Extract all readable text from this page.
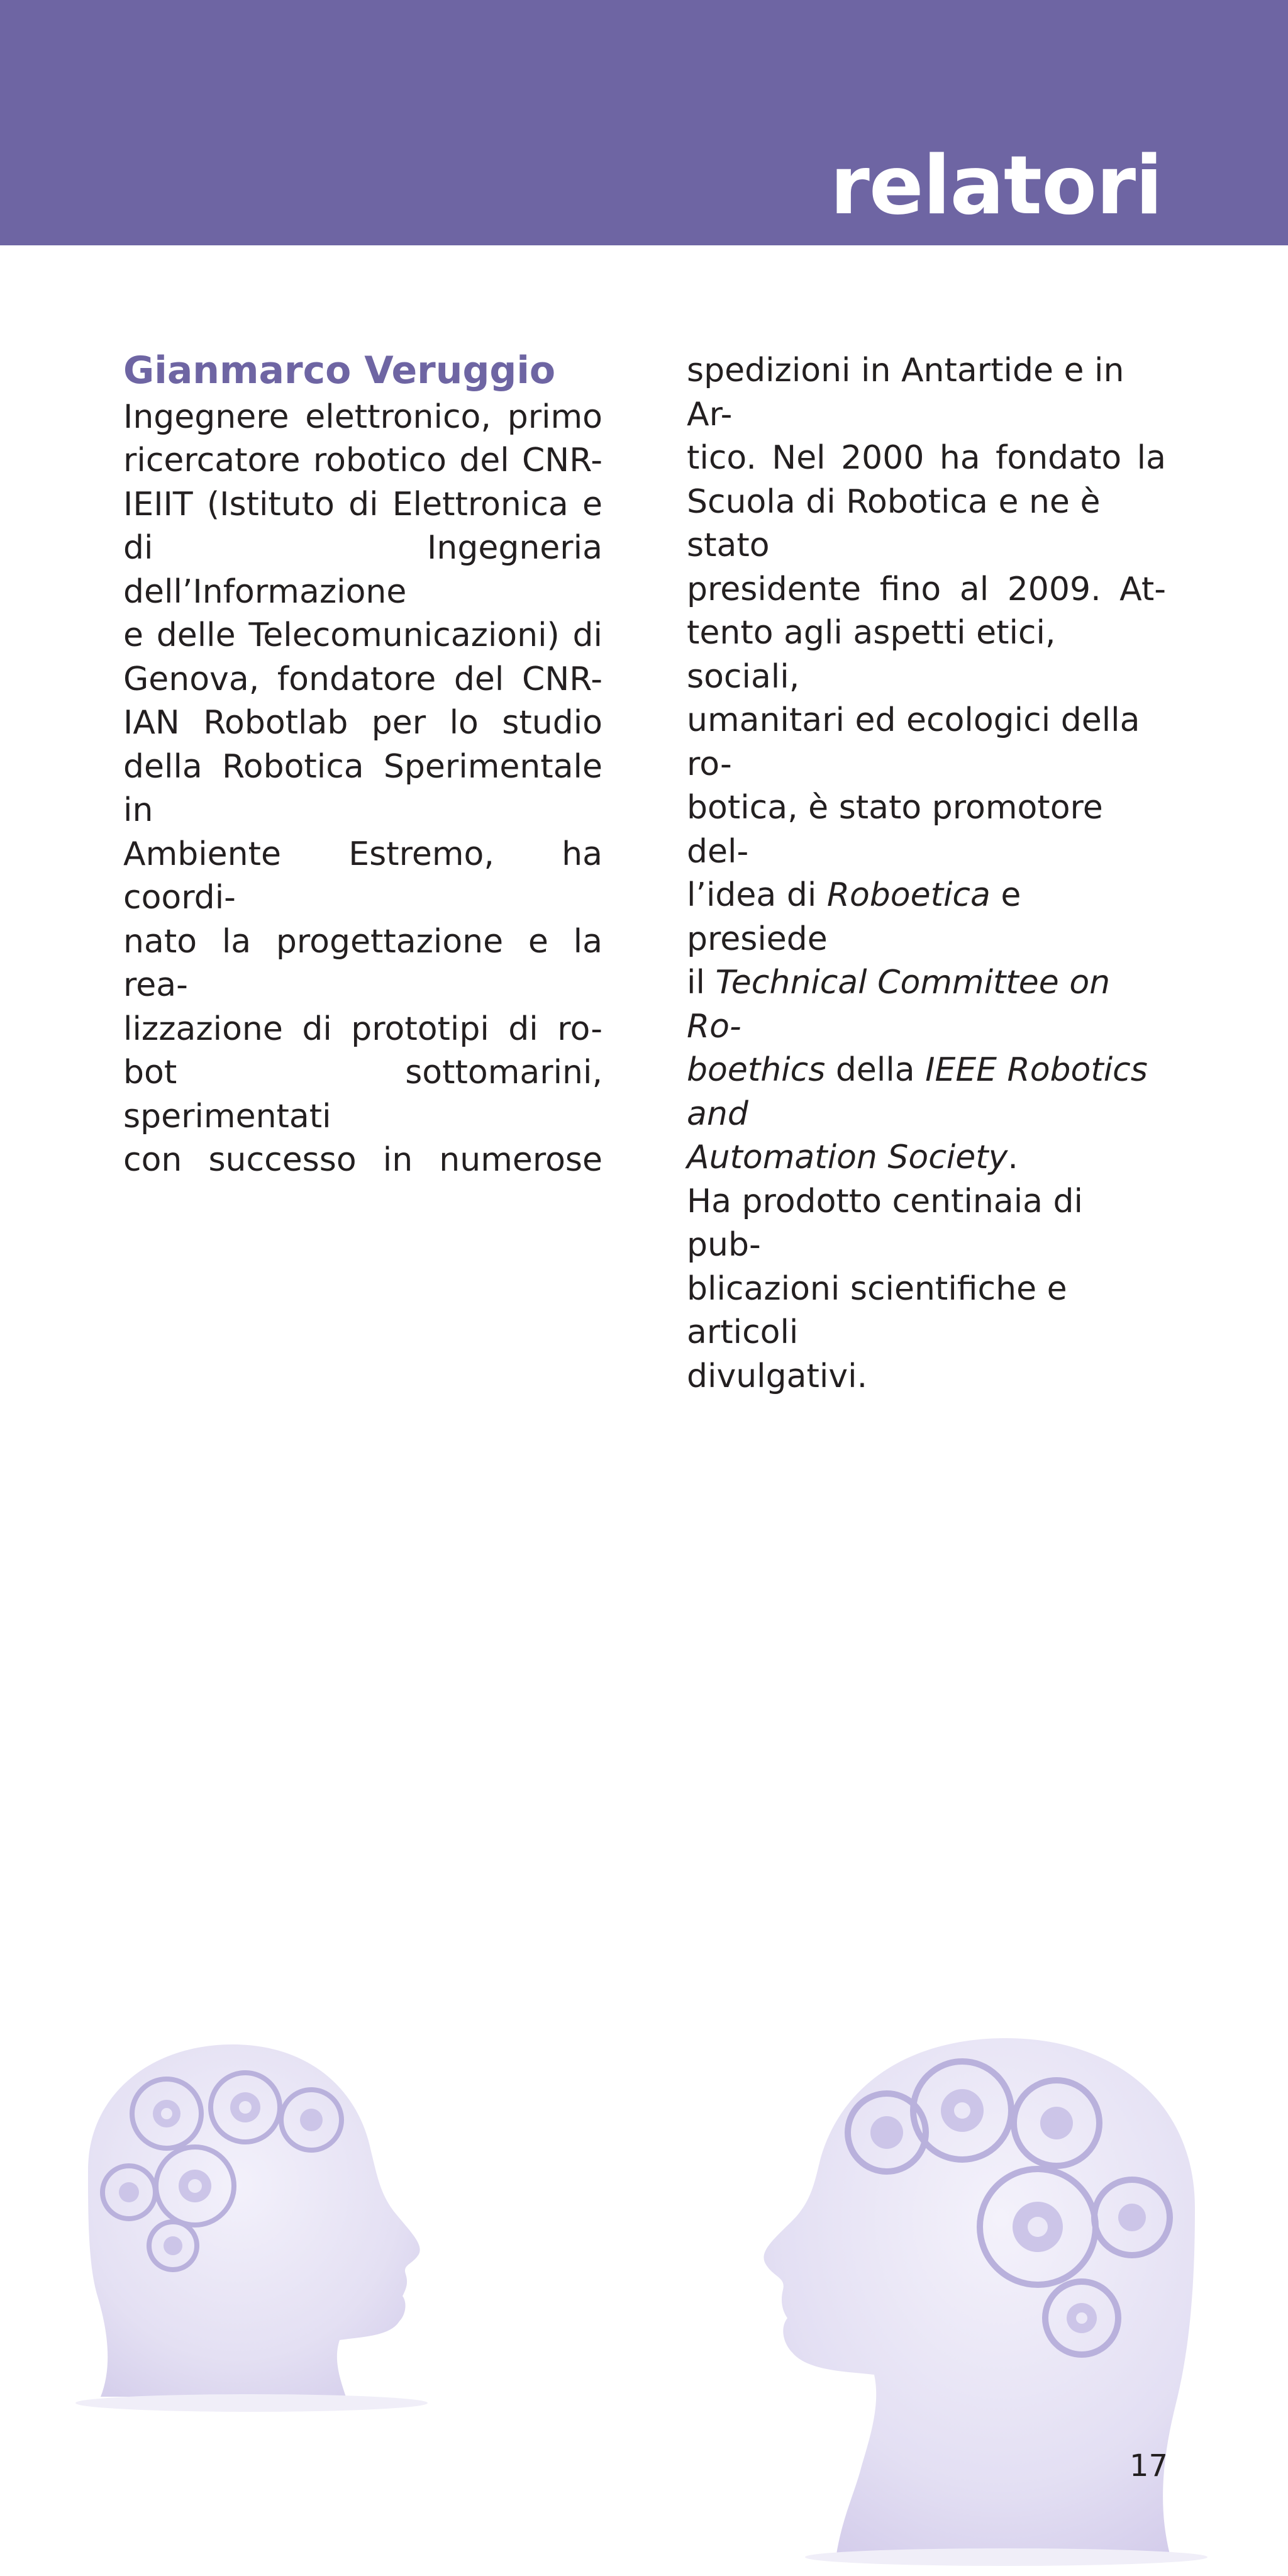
relatori
Gianmarco Veruggio
Ingegnere elettronico, primo
ricercatore robotico del CNR-
IEIIT (Istituto di Elettronica e
di Ingegneria dell’Informazione
e delle Telecomunicazioni) di
Genova, fondatore del CNR-
IAN Robotlab per lo studio
della Robotica Sperimentale in
Ambiente Estremo, ha coordi-
nato la progettazione e la rea-
lizzazione di prototipi di ro-
bot sottomarini, sperimentati
con successo in numerose
spedizioni in Antartide e in Ar-
tico. Nel 2000 ha fondato la
Scuola di Robotica e ne è stato
presidente fino al 2009. At-
tento agli aspetti etici, sociali,
umanitari ed ecologici della ro-
botica, è stato promotore del-
l’idea di Roboetica e presiede
il Technical Committee on Ro-
boethics della IEEE Robotics and
Automation Society.
Ha prodotto centinaia di pub-
blicazioni scientifiche e articoli
divulgativi.
17
